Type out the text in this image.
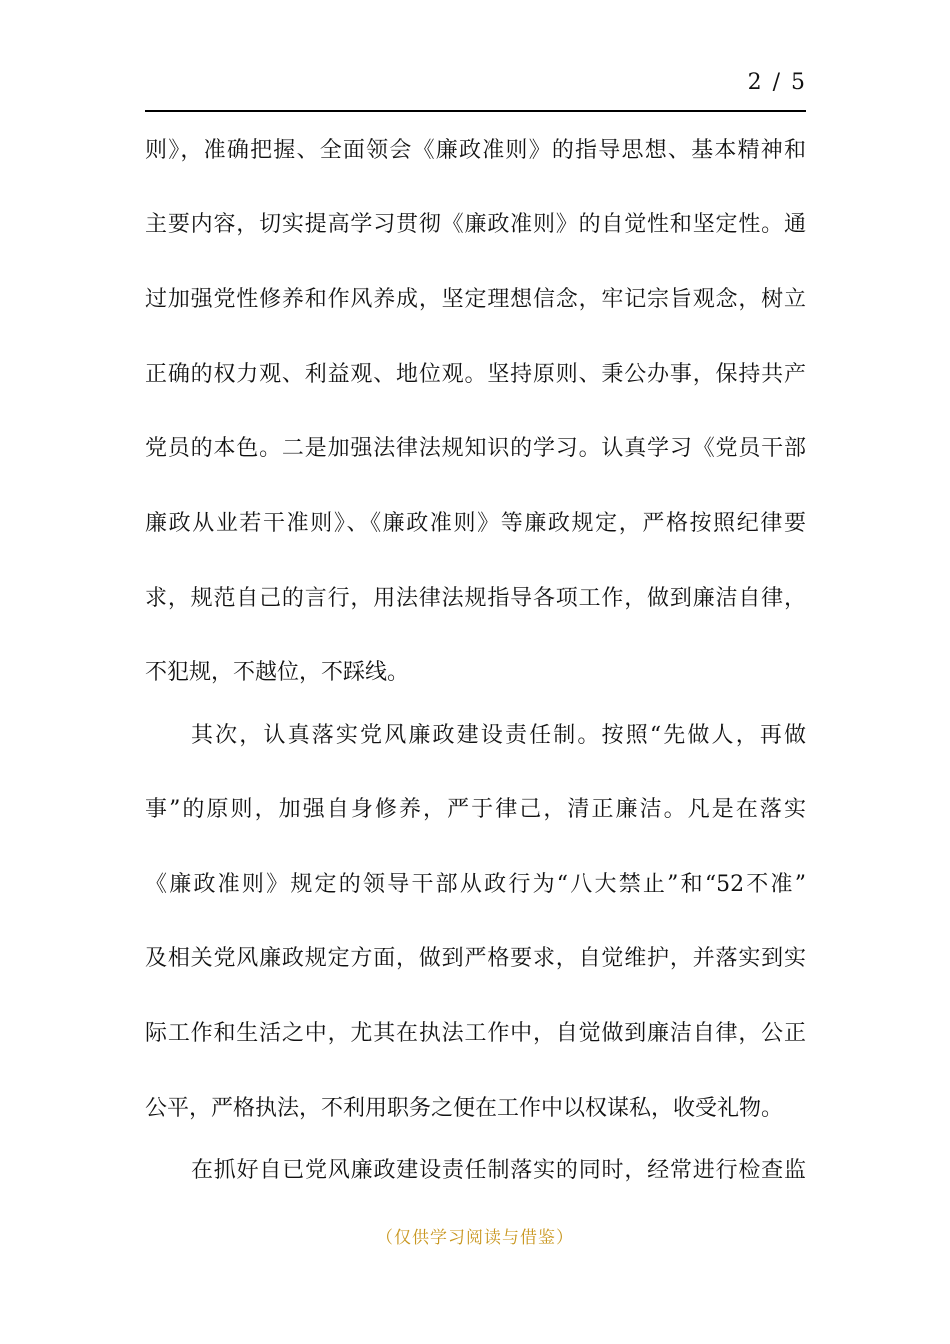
2 / 5
则》，准确把握、全面领会《廉政准则》的指导思想、基本精神和
主要内容，切实提高学习贯彻《廉政准则》的自觉性和坚定性。通
过加强党性修养和作风养成，坚定理想信念，牢记宗旨观念，树立
正确的权力观、利益观、地位观。坚持原则、秉公办事，保持共产
党员的本色。二是加强法律法规知识的学习。认真学习《党员干部
廉政从业若干准则》、《廉政准则》等廉政规定，严格按照纪律要
求，规范自己的言行，用法律法规指导各项工作，做到廉洁自律，
不犯规，不越位，不踩线。
其次，认真落实党风廉政建设责任制。按照“先做人，再做
事”的原则，加强自身修养，严于律己，清正廉洁。凡是在落实
《廉政准则》规定的领导干部从政行为“八大禁止”和“52不准”
及相关党风廉政规定方面，做到严格要求，自觉维护，并落实到实
际工作和生活之中，尤其在执法工作中，自觉做到廉洁自律，公正
公平，严格执法，不利用职务之便在工作中以权谋私，收受礼物。
在抓好自已党风廉政建设责任制落实的同时，经常进行检查监
（仅供学习阅读与借鉴）
